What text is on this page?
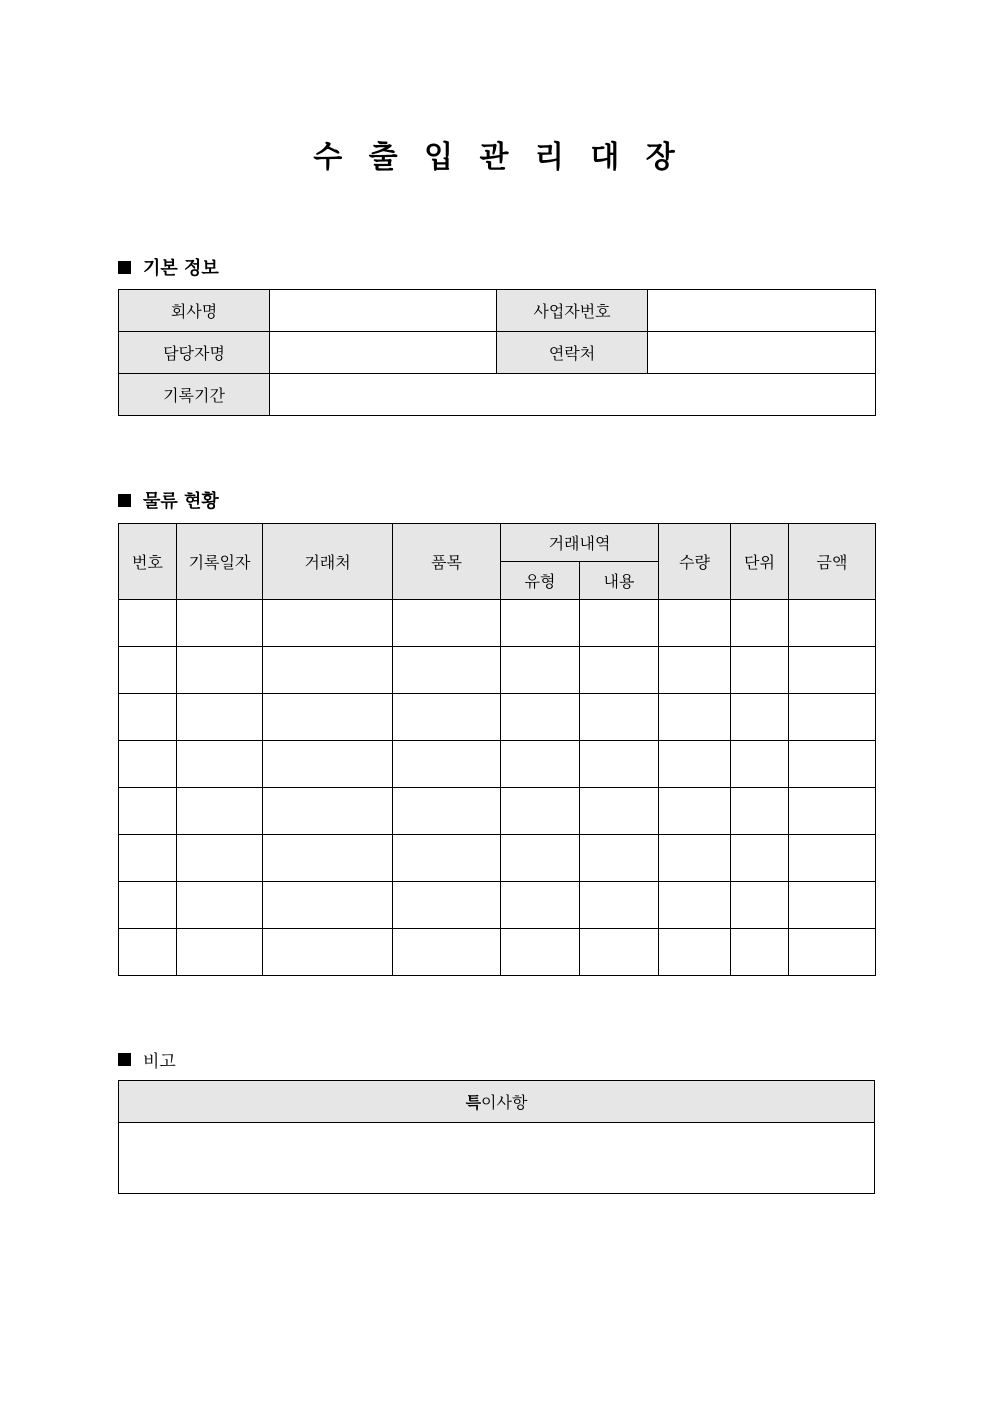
수 출 입 관 리 대 장
기본 정보
회사명		사업자번호	
담당자명		연락처	
기록기간			
물류 현황
번호	기록일자	거래처	품목	거래내역		수량	단위	금액
				유형	내용			

비고
특이사항
